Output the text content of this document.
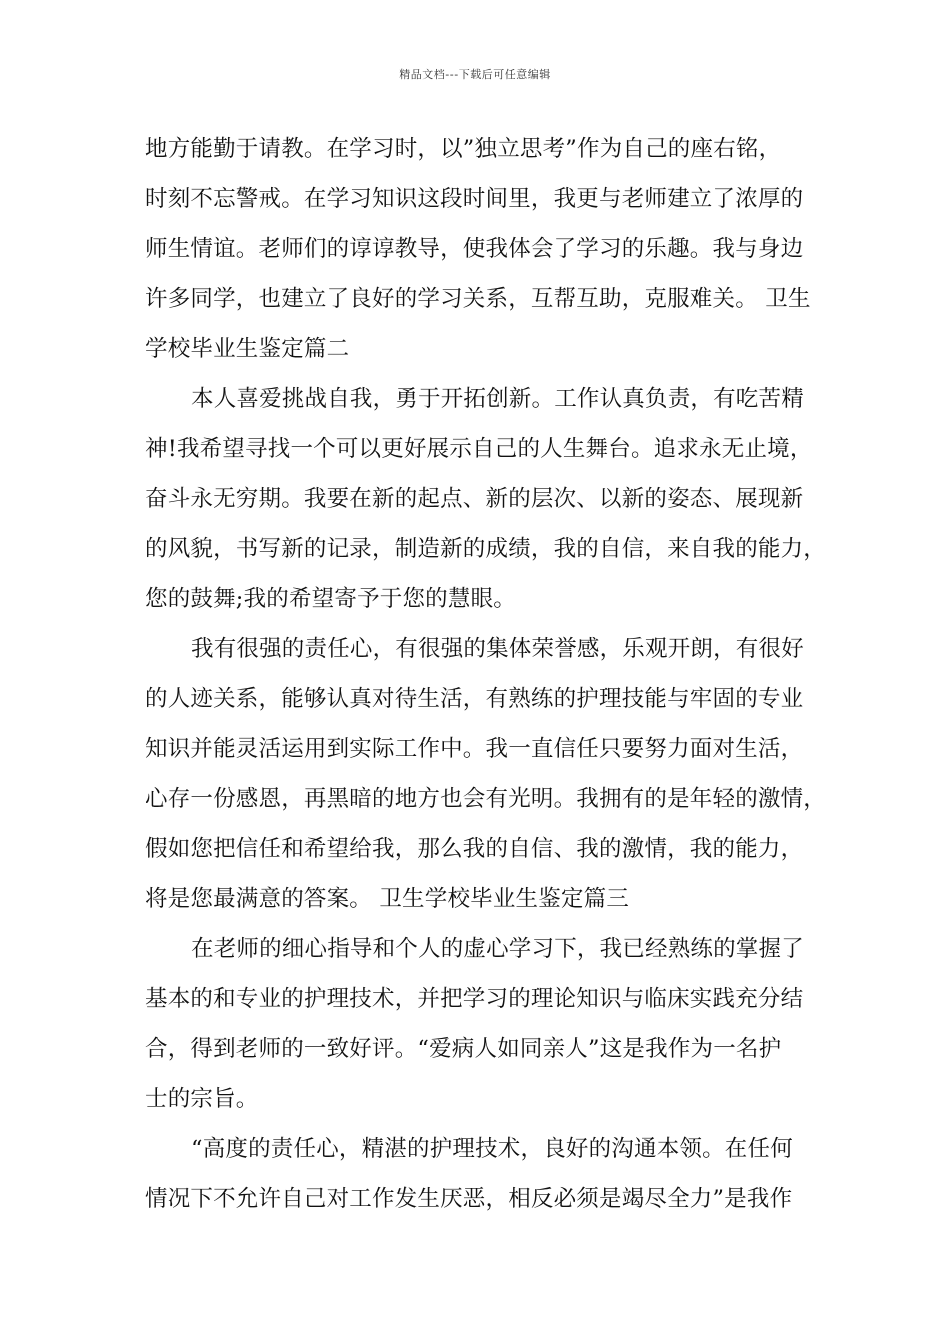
精品文档---下载后可任意编辑
地方能勤于请教。在学习时，以”独立思考”作为自己的座右铭，
时刻不忘警戒。在学习知识这段时间里，我更与老师建立了浓厚的
师生情谊。老师们的谆谆教导，使我体会了学习的乐趣。我与身边
许多同学，也建立了良好的学习关系，互帮互助，克服难关。 卫生
学校毕业生鉴定篇二
本人喜爱挑战自我，勇于开拓创新。工作认真负责，有吃苦精
神!我希望寻找一个可以更好展示自己的人生舞台。追求永无止境，
奋斗永无穷期。我要在新的起点、新的层次、以新的姿态、展现新
的风貌，书写新的记录，制造新的成绩，我的自信，来自我的能力，
您的鼓舞;我的希望寄予于您的慧眼。
我有很强的责任心，有很强的集体荣誉感，乐观开朗，有很好
的人迹关系，能够认真对待生活，有熟练的护理技能与牢固的专业
知识并能灵活运用到实际工作中。我一直信任只要努力面对生活，
心存一份感恩，再黑暗的地方也会有光明。我拥有的是年轻的激情，
假如您把信任和希望给我，那么我的自信、我的激情，我的能力，
将是您最满意的答案。 卫生学校毕业生鉴定篇三
在老师的细心指导和个人的虚心学习下，我已经熟练的掌握了
基本的和专业的护理技术，并把学习的理论知识与临床实践充分结
合，得到老师的一致好评。“爱病人如同亲人”这是我作为一名护
士的宗旨。
“高度的责任心，精湛的护理技术，良好的沟通本领。在任何
情况下不允许自己对工作发生厌恶，相反必须是竭尽全力”是我作
